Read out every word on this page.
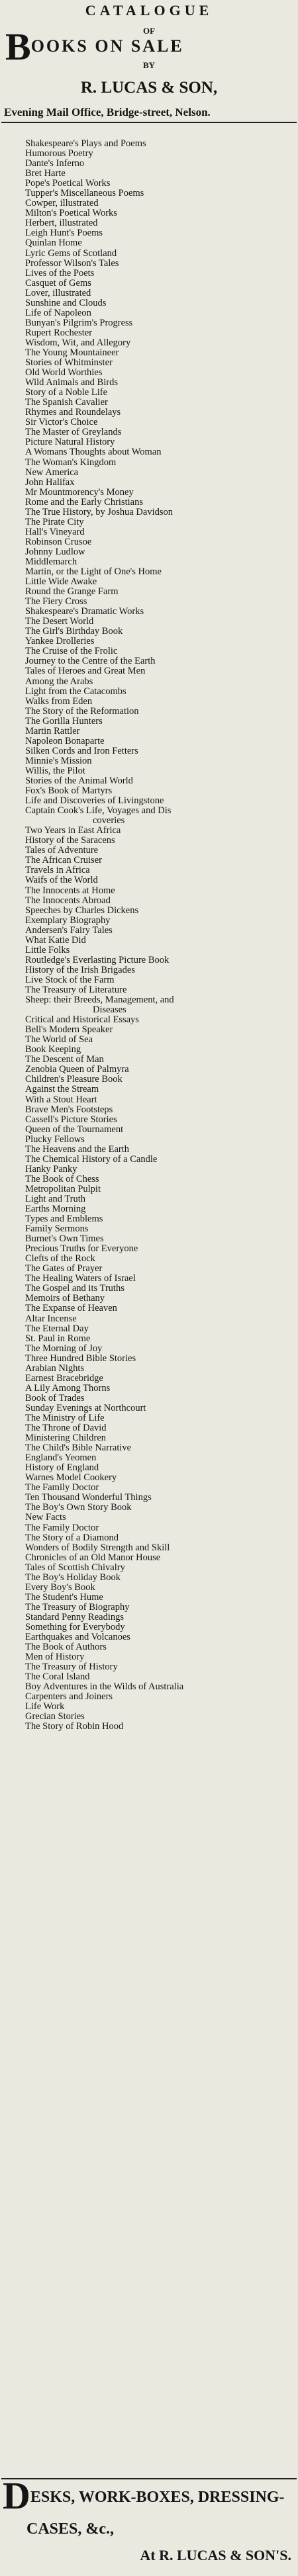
CATALOGUE
OF
BOOKS ON SALE
BY
R. LUCAS & SON,
Evening Mail Office, Bridge-street, Nelson.
Shakespeare's Plays and Poems
Humorous Poetry
Dante's Inferno
Bret Harte
Pope's Poetical Works
Tupper's Miscellaneous Poems
Cowper, illustrated
Milton's Poetical Works
Herbert, illustrated
Leigh Hunt's Poems
Quinlan Home
Lyric Gems of Scotland
Professor Wilson's Tales
Lives of the Poets
Casquet of Gems
Lover, illustrated
Sunshine and Clouds
Life of Napoleon
Bunyan's Pilgrim's Progress
Rupert Rochester
Wisdom, Wit, and Allegory
The Young Mountaineer
Stories of Whitminster
Old World Worthies
Wild Animals and Birds
Story of a Noble Life
The Spanish Cavalier
Rhymes and Roundelays
Sir Victor's Choice
The Master of Greylands
Picture Natural History
A Womans Thoughts about Woman
The Woman's Kingdom
New America
John Halifax
Mr Mountmorency's Money
Rome and the Early Christians
The True History, by Joshua Davidson
The Pirate City
Hall's Vineyard
Robinson Crusoe
Johnny Ludlow
Middlemarch
Martin, or the Light of One's Home
Little Wide Awake
Round the Grange Farm
The Fiery Cross
Shakespeare's Dramatic Works
The Desert World
The Girl's Birthday Book
Yankee Drolleries
The Cruise of the Frolic
Journey to the Centre of the Earth
Tales of Heroes and Great Men
Among the Arabs
Light from the Catacombs
Walks from Eden
The Story of the Reformation
The Gorilla Hunters
Martin Rattler
Napoleon Bonaparte
Silken Cords and Iron Fetters
Minnie's Mission
Willis, the Pilot
Stories of the Animal World
Fox's Book of Martyrs
Life and Discoveries of Livingstone
Captain Cook's Life, Voyages and Dis
coveries
Two Years in East Africa
History of the Saracens
Tales of Adventure
The African Cruiser
Travels in Africa
Waifs of the World
The Innocents at Home
The Innocents Abroad
Speeches by Charles Dickens
Exemplary Biography
Andersen's Fairy Tales
What Katie Did
Little Folks
Routledge's Everlasting Picture Book
History of the Irish Brigades
Live Stock of the Farm
The Treasury of Literature
Sheep: their Breeds, Management, and
Diseases
Critical and Historical Essays
Bell's Modern Speaker
The World of Sea
Book Keeping
The Descent of Man
Zenobia Queen of Palmyra
Children's Pleasure Book
Against the Stream
With a Stout Heart
Brave Men's Footsteps
Cassell's Picture Stories
Queen of the Tournament
Plucky Fellows
The Heavens and the Earth
The Chemical History of a Candle
Hanky Panky
The Book of Chess
Metropolitan Pulpit
Light and Truth
Earths Morning
Types and Emblems
Family Sermons
Burnet's Own Times
Precious Truths for Everyone
Clefts of the Rock
The Gates of Prayer
The Healing Waters of Israel
The Gospel and its Truths
Memoirs of Bethany
The Expanse of Heaven
Altar Incense
The Eternal Day
St. Paul in Rome
The Morning of Joy
Three Hundred Bible Stories
Arabian Nights
Earnest Bracebridge
A Lily Among Thorns
Book of Trades
Sunday Evenings at Northcourt
The Ministry of Life
The Throne of David
Ministering Children
The Child's Bible Narrative
England's Yeomen
History of England
Warnes Model Cookery
The Family Doctor
Ten Thousand Wonderful Things
The Boy's Own Story Book
New Facts
The Family Doctor
The Story of a Diamond
Wonders of Bodily Strength and Skill
Chronicles of an Old Manor House
Tales of Scottish Chivalry
The Boy's Holiday Book
Every Boy's Book
The Student's Hume
The Treasury of Biography
Standard Penny Readings
Something for Everybody
Earthquakes and Volcanoes
The Book of Authors
Men of History
The Treasury of History
The Coral Island
Boy Adventures in the Wilds of Australia
Carpenters and Joiners
Life Work
Grecian Stories
The Story of Robin Hood
DESKS, WORK-BOXES, DRESSING-
CASES, &c.,
At R. LUCAS & SON'S.
